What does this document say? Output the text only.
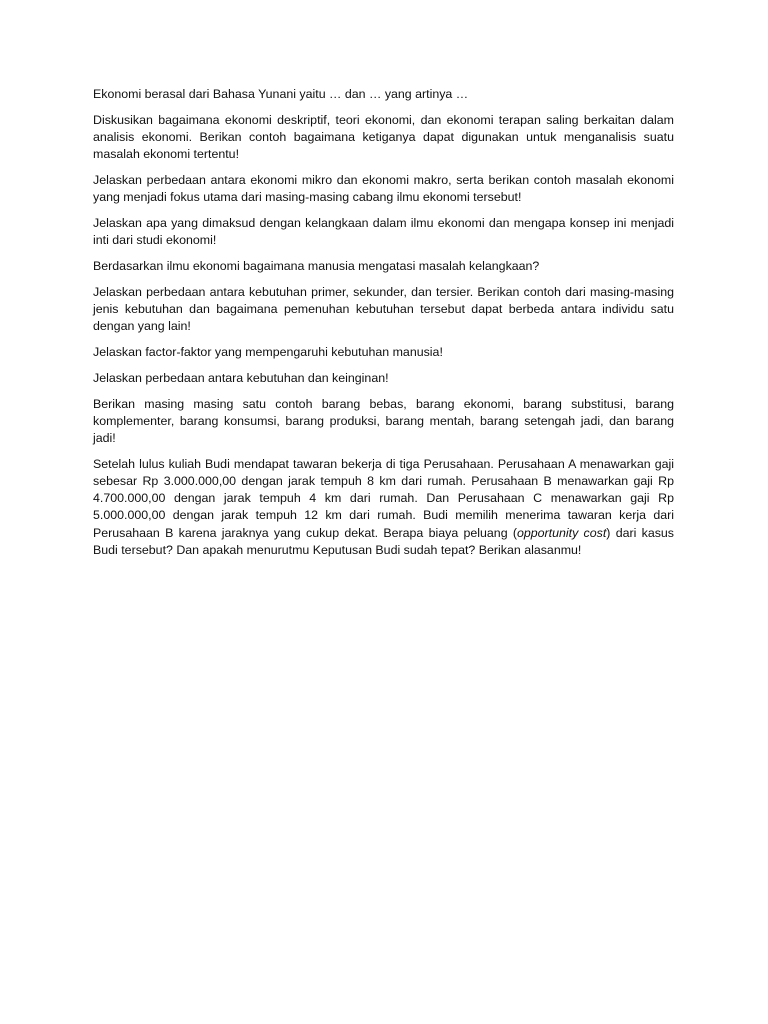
Ekonomi berasal dari Bahasa Yunani yaitu … dan … yang artinya …

Diskusikan bagaimana ekonomi deskriptif, teori ekonomi, dan ekonomi terapan saling berkaitan dalam analisis ekonomi. Berikan contoh bagaimana ketiganya dapat digunakan untuk menganalisis suatu masalah ekonomi tertentu!

Jelaskan perbedaan antara ekonomi mikro dan ekonomi makro, serta berikan contoh masalah ekonomi yang menjadi fokus utama dari masing-masing cabang ilmu ekonomi tersebut!

Jelaskan apa yang dimaksud dengan kelangkaan dalam ilmu ekonomi dan mengapa konsep ini menjadi inti dari studi ekonomi!

Berdasarkan ilmu ekonomi bagaimana manusia mengatasi masalah kelangkaan?

Jelaskan perbedaan antara kebutuhan primer, sekunder, dan tersier. Berikan contoh dari masing-masing jenis kebutuhan dan bagaimana pemenuhan kebutuhan tersebut dapat berbeda antara individu satu dengan yang lain!

Jelaskan factor-faktor yang mempengaruhi kebutuhan manusia!

Jelaskan perbedaan antara kebutuhan dan keinginan!

Berikan masing masing satu contoh barang bebas, barang ekonomi, barang substitusi, barang komplementer, barang konsumsi, barang produksi, barang mentah, barang setengah jadi, dan barang jadi!

Setelah lulus kuliah Budi mendapat tawaran bekerja di tiga Perusahaan. Perusahaan A menawarkan gaji sebesar Rp 3.000.000,00 dengan jarak tempuh 8 km dari rumah. Perusahaan B menawarkan gaji Rp 4.700.000,00 dengan jarak tempuh 4 km dari rumah. Dan Perusahaan C menawarkan gaji Rp 5.000.000,00 dengan jarak tempuh 12 km dari rumah. Budi memilih menerima tawaran kerja dari Perusahaan B karena jaraknya yang cukup dekat. Berapa biaya peluang (opportunity cost) dari kasus Budi tersebut? Dan apakah menurutmu Keputusan Budi sudah tepat? Berikan alasanmu!
